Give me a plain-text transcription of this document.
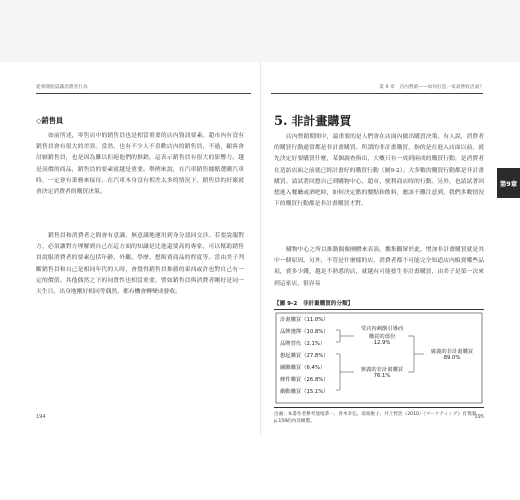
從零開始認識消費者行為
◇銷售員

如前所述，零售店中的銷售員也是相當重要的店內資訊要素。超市內有沒有銷售員會有很大的差異。當然，也有不少人不喜歡店內的銷售員，不過，顧客會討厭銷售員，也是因為難以拒絕他們的推銷，這表示銷售員有很大的影響力。越是高價的商品，銷售員的要素就越是重要。舉例來說，在汽車銷售據點選購汽車時，一定會有業務來接待。在汽車本身沒有相差太多的情況下，銷售員的好壞就會決定消費者的購買決策。

銷售員和消費者之間會有意識、無意識地運用到身分認同交涉。若要說服對方，必須讓對方理解到自己在這方面的知識是比他還要高的專家，可以幫助銷售員說服消費者的要素包括年齡、外觀、學歷、想販賣商品的程度等。當由美子判斷銷售員和自己是相同年代的人時，會覺得銷售員推薦的東西或許也對自己有一定的價值。其他偶然之下的同質性也相當重要，譬如銷售員與消費者剛好是同一天生日、出身地剛好相同等偶然，都有機會轉變成發收。

194
第 9 章　店內營銷——如何打造一家高營收店面？
5. 非計畫購買

店內營銷期間中，最重要的是人們會在店面內做出購買決策。有人說，消費者的購買行動通常都是非計畫購買。所謂的非計畫購買，指的是在進入店面以前，就先決定好要購買什麼，某個調查指出，大概只有一成到兩成的購買行動，是消費者在造訪店面之前就已經計畫好的購買行動（圖9-2）。大多數的購買行動都是非計畫購買。請試著回想自己到購物中心、超市、便利商店時的行動。另外，也請試著回想進入餐廳或酒吧時，如何決定點的餐點和飲料，應該不難注意到，我們多數情況下的購買行動都是非計畫購買才對。

購物中心之所以推動偶像團體來表演，攜集觀眾於此，增加非計畫購買就是其中一個原因。另外，不管是什麼樣的店，消費者都不可能完全知道店內販賣哪些品項，賣多少錢，越是不熟悉的店，就越有可能發生非計畫購買，由美子是第一次來到這家店，很容易

【圖 9-2　非計畫購買的分類】
計畫購買（11.0%）
品牌選擇（10.8%）
品牌替代（2.1%）
想起購買（27.8%）
關聯購買（6.4%）
條件購買（26.8%）
衝動購買（15.1%）
受店內刺激引導而
購買的部份
12.9%
狹義的非計畫購買
76.1%
廣義的非計畫購買
89.0%
出處：本書作者參考池尾恭一、青木幸弘、南知惠子、井上哲浩（2010）《マーケティング》有斐閣p.159的內容繪製。
195
第9章
